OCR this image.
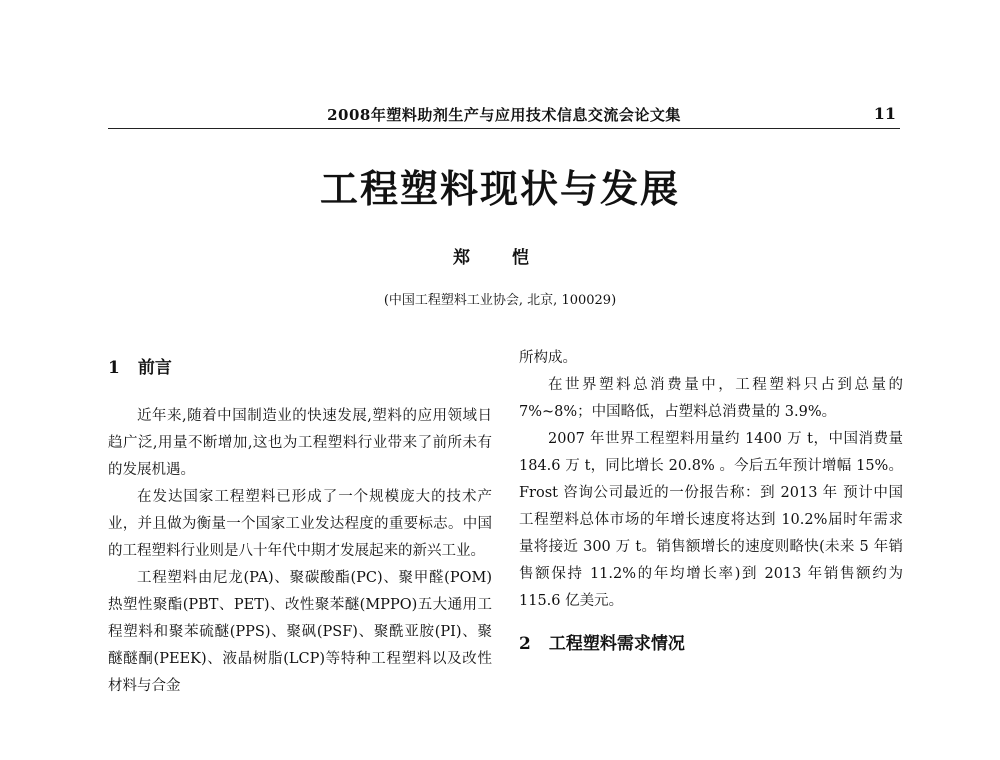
2008年塑料助剂生产与应用技术信息交流会论文集	11
工程塑料现状与发展
郑 恺
(中国工程塑料工业协会, 北京, 100029)
1 前言

近年来,随着中国制造业的快速发展,塑料的应用领域日趋广泛,用量不断增加,这也为工程塑料行业带来了前所未有的发展机遇。

在发达国家工程塑料已形成了一个规模庞大的技术产业，并且做为衡量一个国家工业发达程度的重要标志。中国的工程塑料行业则是八十年代中期才发展起来的新兴工业。

工程塑料由尼龙(PA)、聚碳酸酯(PC)、聚甲醛(POM)热塑性聚酯(PBT、PET)、改性聚苯醚(MPPO)五大通用工程塑料和聚苯硫醚(PPS)、聚砜(PSF)、聚酰亚胺(PI)、聚醚醚酮(PEEK)、液晶树脂(LCP)等特种工程塑料以及改性材料与合金

所构成。

在世界塑料总消费量中，工程塑料只占到总量的 7%~8%；中国略低，占塑料总消费量的 3.9%。

2007 年世界工程塑料用量约 1400 万 t，中国消费量 184.6 万 t，同比增长 20.8% 。今后五年预计增幅 15%。Frost 咨询公司最近的一份报告称：到 2013 年 预计中国工程塑料总体市场的年增长速度将达到 10.2%届时年需求量将接近 300 万 t。销售额增长的速度则略快(未来 5 年销售额保持 11.2%的年均增长率)到 2013 年销售额约为 115.6 亿美元。

2 工程塑料需求情况
